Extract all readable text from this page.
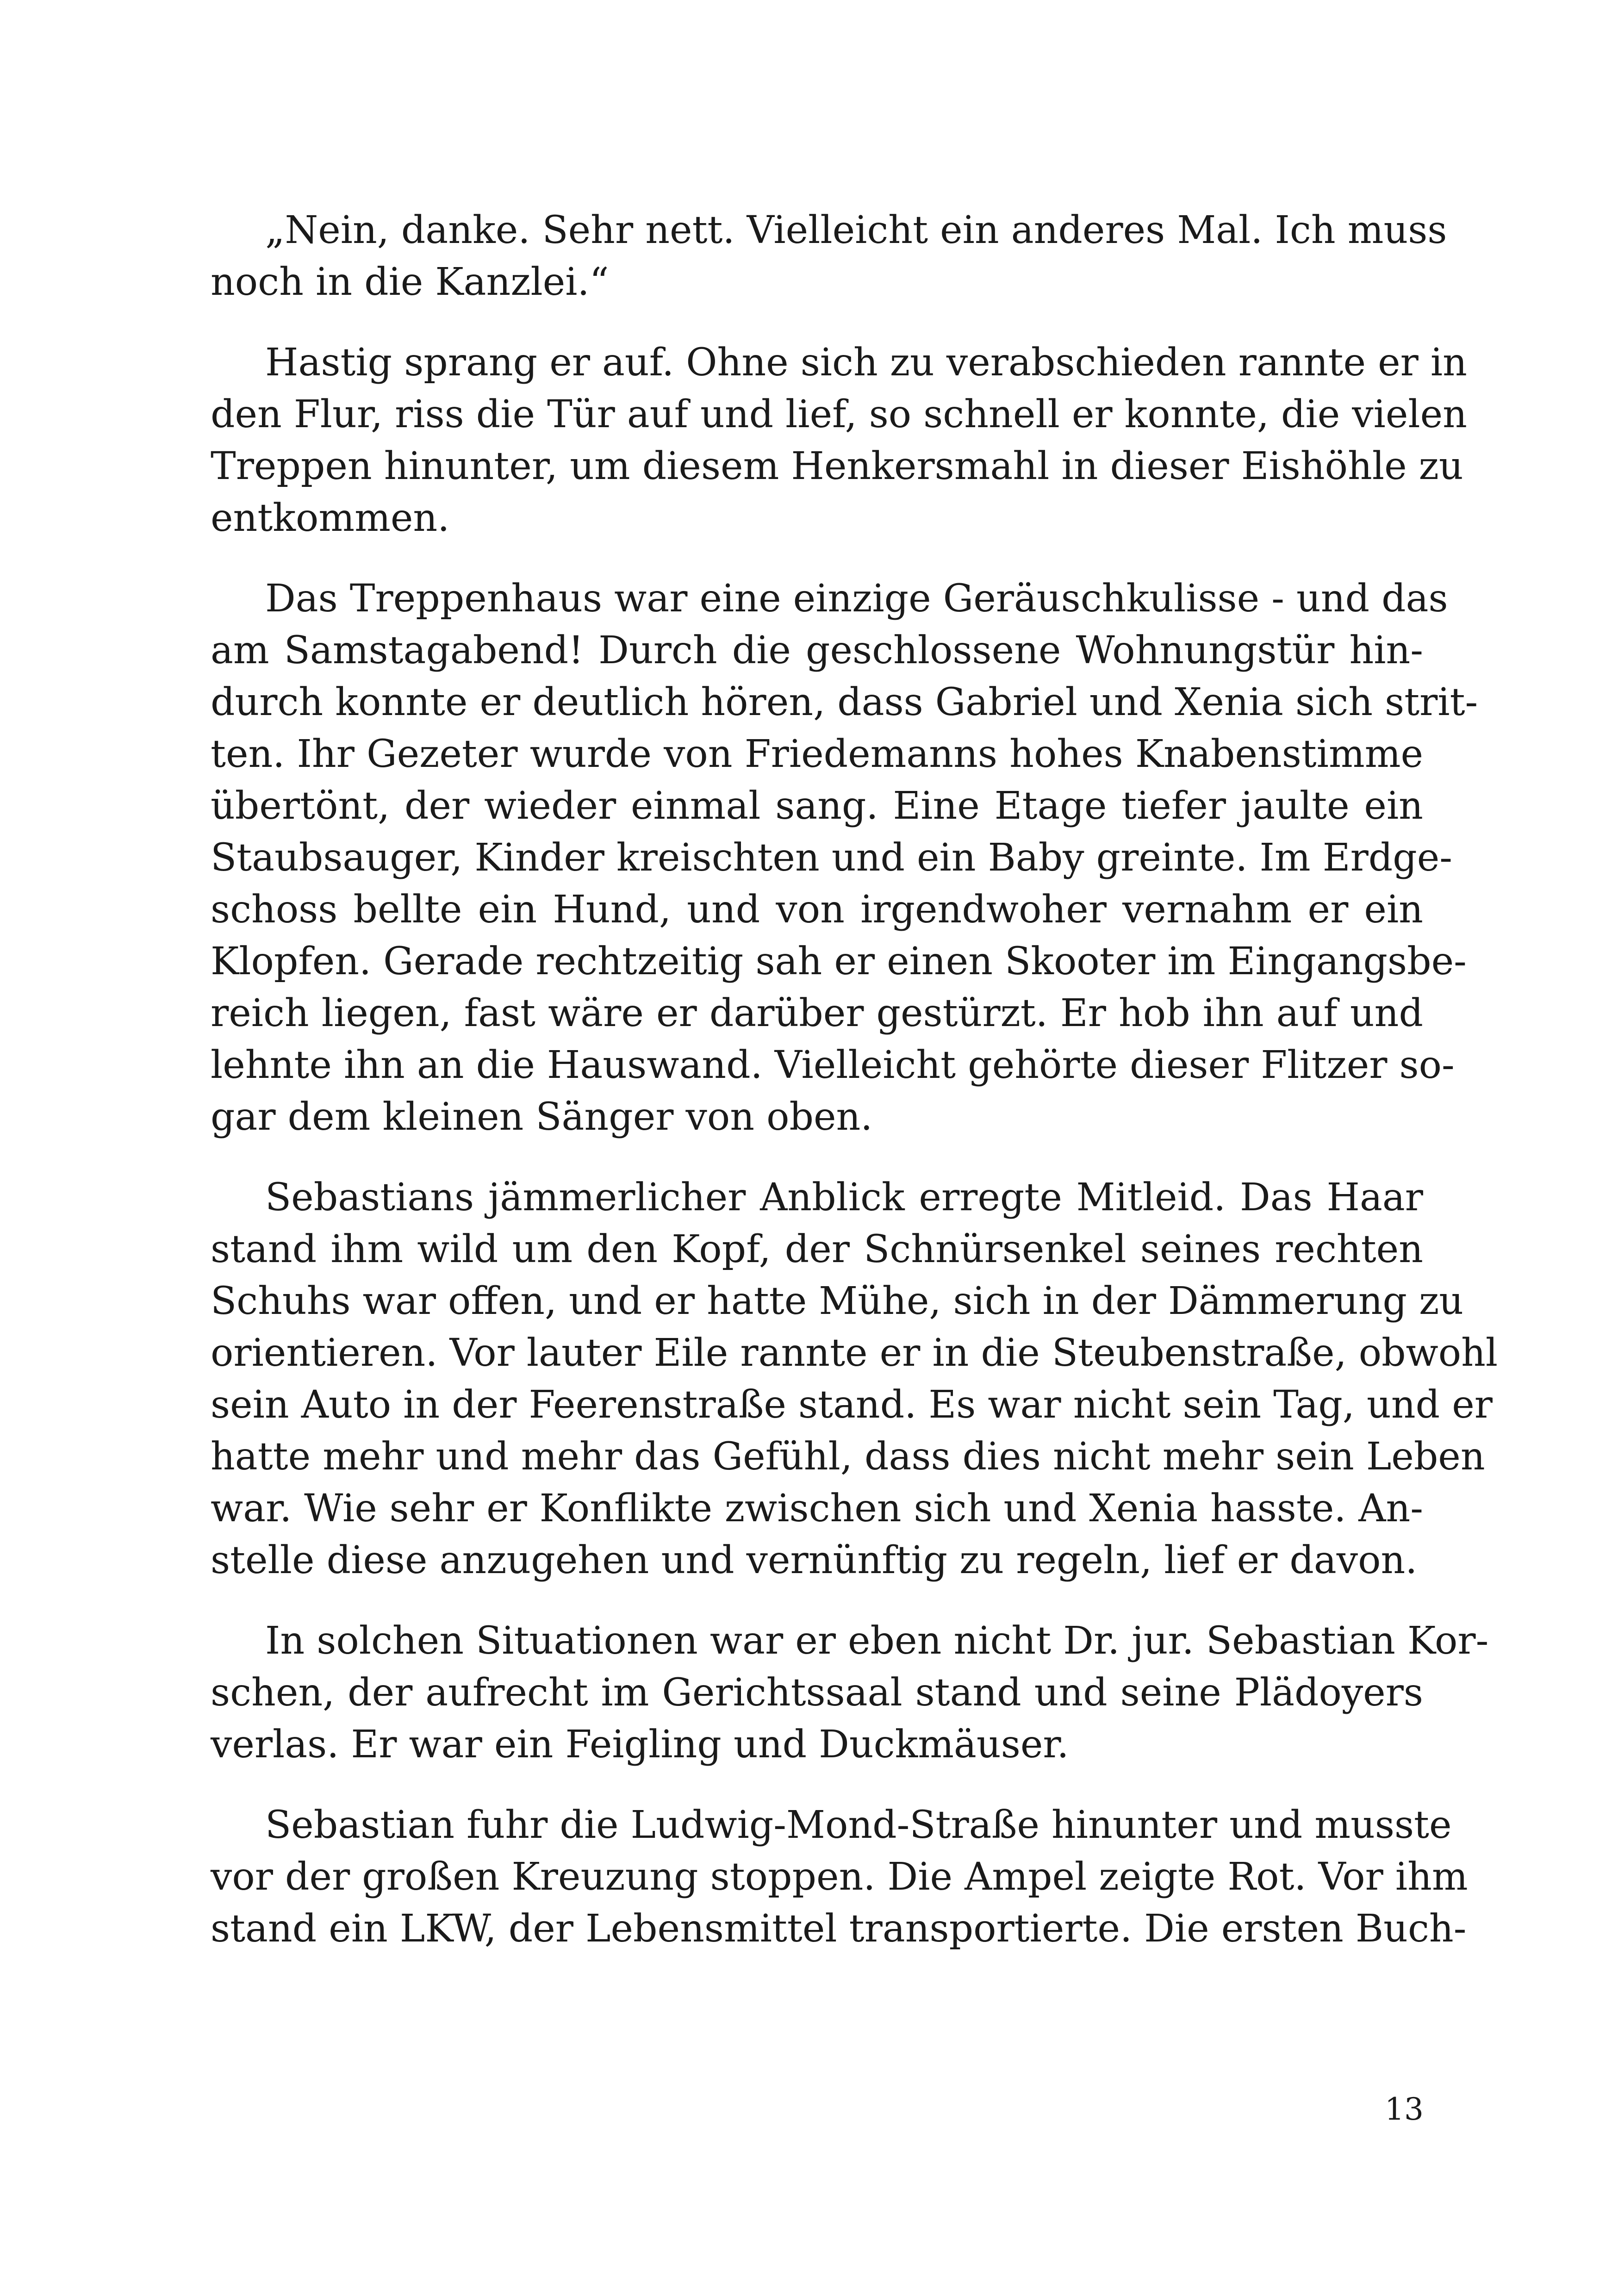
„Nein, danke. Sehr nett. Vielleicht ein anderes Mal. Ich muss
noch in die Kanzlei.“

Hastig sprang er auf. Ohne sich zu verabschieden rannte er in
den Flur, riss die Tür auf und lief, so schnell er konnte, die vielen
Treppen hinunter, um diesem Henkersmahl in dieser Eishöhle zu
entkommen.

Das Treppenhaus war eine einzige Geräuschkulisse - und das
am Samstagabend! Durch die geschlossene Wohnungstür hin-
durch konnte er deutlich hören, dass Gabriel und Xenia sich strit-
ten. Ihr Gezeter wurde von Friedemanns hohes Knabenstimme
übertönt, der wieder einmal sang. Eine Etage tiefer jaulte ein
Staubsauger, Kinder kreischten und ein Baby greinte. Im Erdge-
schoss bellte ein Hund, und von irgendwoher vernahm er ein
Klopfen. Gerade rechtzeitig sah er einen Skooter im Eingangsbe-
reich liegen, fast wäre er darüber gestürzt. Er hob ihn auf und
lehnte ihn an die Hauswand. Vielleicht gehörte dieser Flitzer so-
gar dem kleinen Sänger von oben.

Sebastians jämmerlicher Anblick erregte Mitleid. Das Haar
stand ihm wild um den Kopf, der Schnürsenkel seines rechten
Schuhs war offen, und er hatte Mühe, sich in der Dämmerung zu
orientieren. Vor lauter Eile rannte er in die Steubenstraße, obwohl
sein Auto in der Feerenstraße stand. Es war nicht sein Tag, und er
hatte mehr und mehr das Gefühl, dass dies nicht mehr sein Leben
war. Wie sehr er Konflikte zwischen sich und Xenia hasste. An-
stelle diese anzugehen und vernünftig zu regeln, lief er davon.

In solchen Situationen war er eben nicht Dr. jur. Sebastian Kor-
schen, der aufrecht im Gerichtssaal stand und seine Plädoyers
verlas. Er war ein Feigling und Duckmäuser.

Sebastian fuhr die Ludwig-Mond-Straße hinunter und musste
vor der großen Kreuzung stoppen. Die Ampel zeigte Rot. Vor ihm
stand ein LKW, der Lebensmittel transportierte. Die ersten Buch-

13
